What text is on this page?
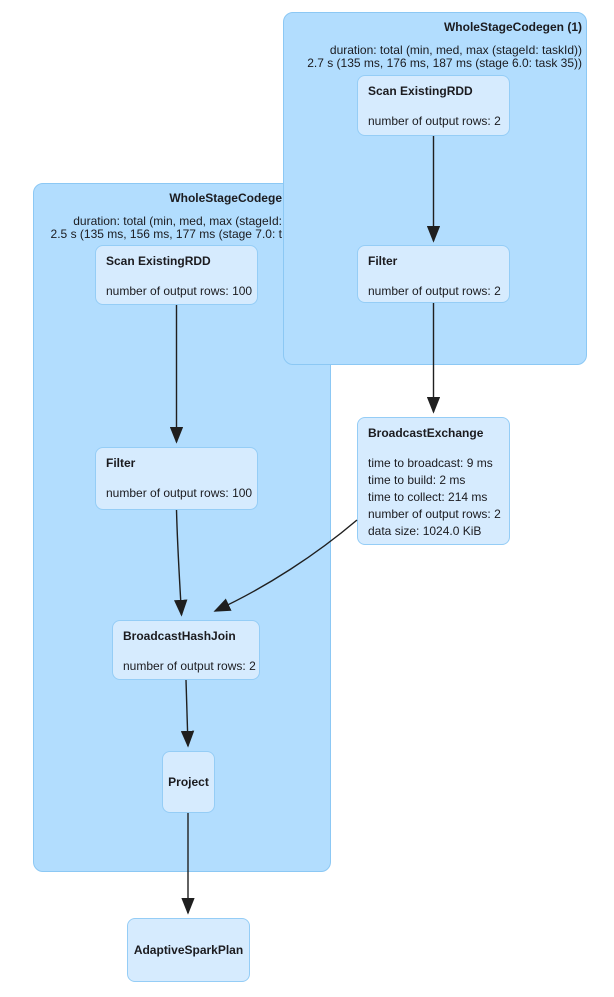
WholeStageCodege
duration: total (min, med, max (stageId:
2.5 s (135 ms, 156 ms, 177 ms (stage 7.0: t
WholeStageCodegen (1)
duration: total (min, med, max (stageId: taskId))
2.7 s (135 ms, 176 ms, 187 ms (stage 6.0: task 35))
Scan ExistingRDD
number of output rows: 2
Filter
number of output rows: 2
Scan ExistingRDD
number of output rows: 100
Filter
number of output rows: 100
BroadcastExchange
time to broadcast: 9 ms
time to build: 2 ms
time to collect: 214 ms
number of output rows: 2
data size: 1024.0 KiB
BroadcastHashJoin
number of output rows: 2
Project
AdaptiveSparkPlan
